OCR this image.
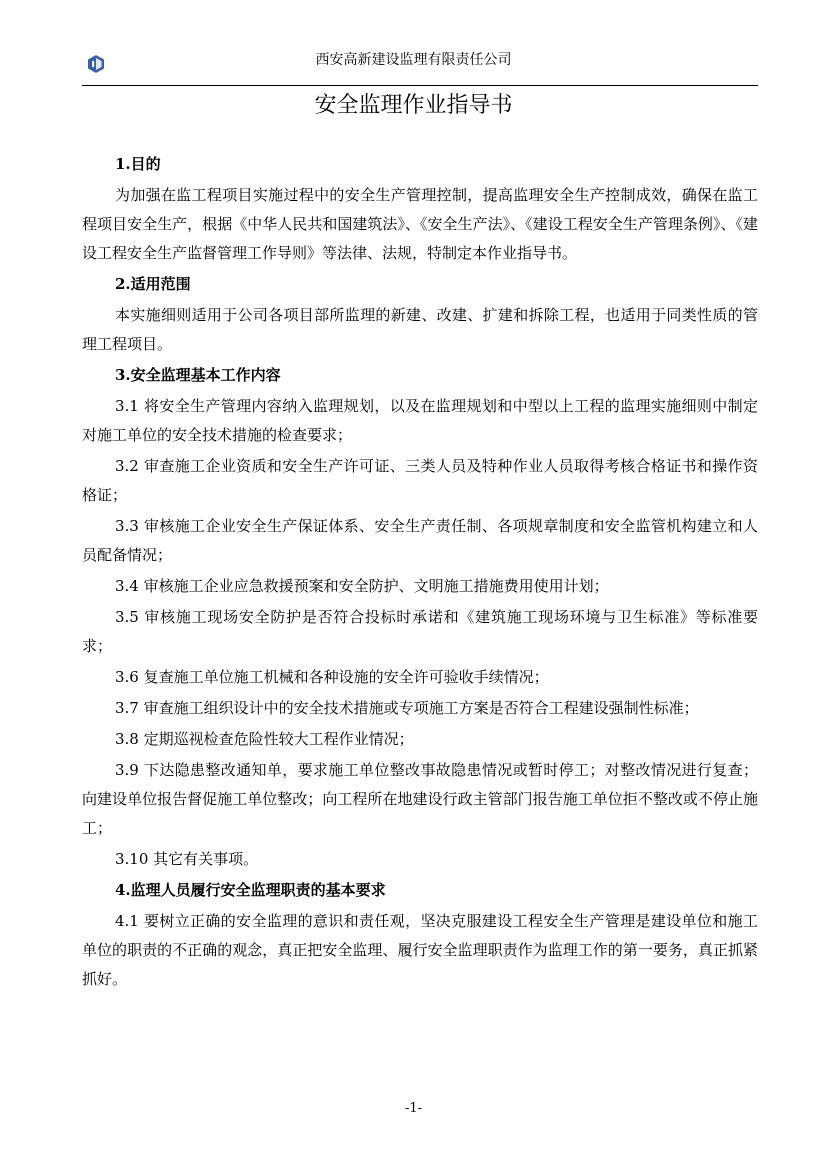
西安高新建设监理有限责任公司
安全监理作业指导书

1.目的

为加强在监工程项目实施过程中的安全生产管理控制，提高监理安全生产控制成效，确保在监工程项目安全生产，根据《中华人民共和国建筑法》、《安全生产法》、《建设工程安全生产管理条例》、《建设工程安全生产监督管理工作导则》等法律、法规，特制定本作业指导书。

2.适用范围

本实施细则适用于公司各项目部所监理的新建、改建、扩建和拆除工程，也适用于同类性质的管理工程项目。

3.安全监理基本工作内容

3.1 将安全生产管理内容纳入监理规划，以及在监理规划和中型以上工程的监理实施细则中制定对施工单位的安全技术措施的检查要求；

3.2 审查施工企业资质和安全生产许可证、三类人员及特种作业人员取得考核合格证书和操作资格证；

3.3 审核施工企业安全生产保证体系、安全生产责任制、各项规章制度和安全监管机构建立和人员配备情况；

3.4 审核施工企业应急救援预案和安全防护、文明施工措施费用使用计划；

3.5 审核施工现场安全防护是否符合投标时承诺和《建筑施工现场环境与卫生标准》等标准要求；

3.6 复查施工单位施工机械和各种设施的安全许可验收手续情况；

3.7 审查施工组织设计中的安全技术措施或专项施工方案是否符合工程建设强制性标准；

3.8 定期巡视检查危险性较大工程作业情况；

3.9 下达隐患整改通知单，要求施工单位整改事故隐患情况或暂时停工；对整改情况进行复查；向建设单位报告督促施工单位整改；向工程所在地建设行政主管部门报告施工单位拒不整改或不停止施工；

3.10 其它有关事项。

4.监理人员履行安全监理职责的基本要求

4.1 要树立正确的安全监理的意识和责任观，坚决克服建设工程安全生产管理是建设单位和施工单位的职责的不正确的观念，真正把安全监理、履行安全监理职责作为监理工作的第一要务，真正抓紧抓好。

-1-
